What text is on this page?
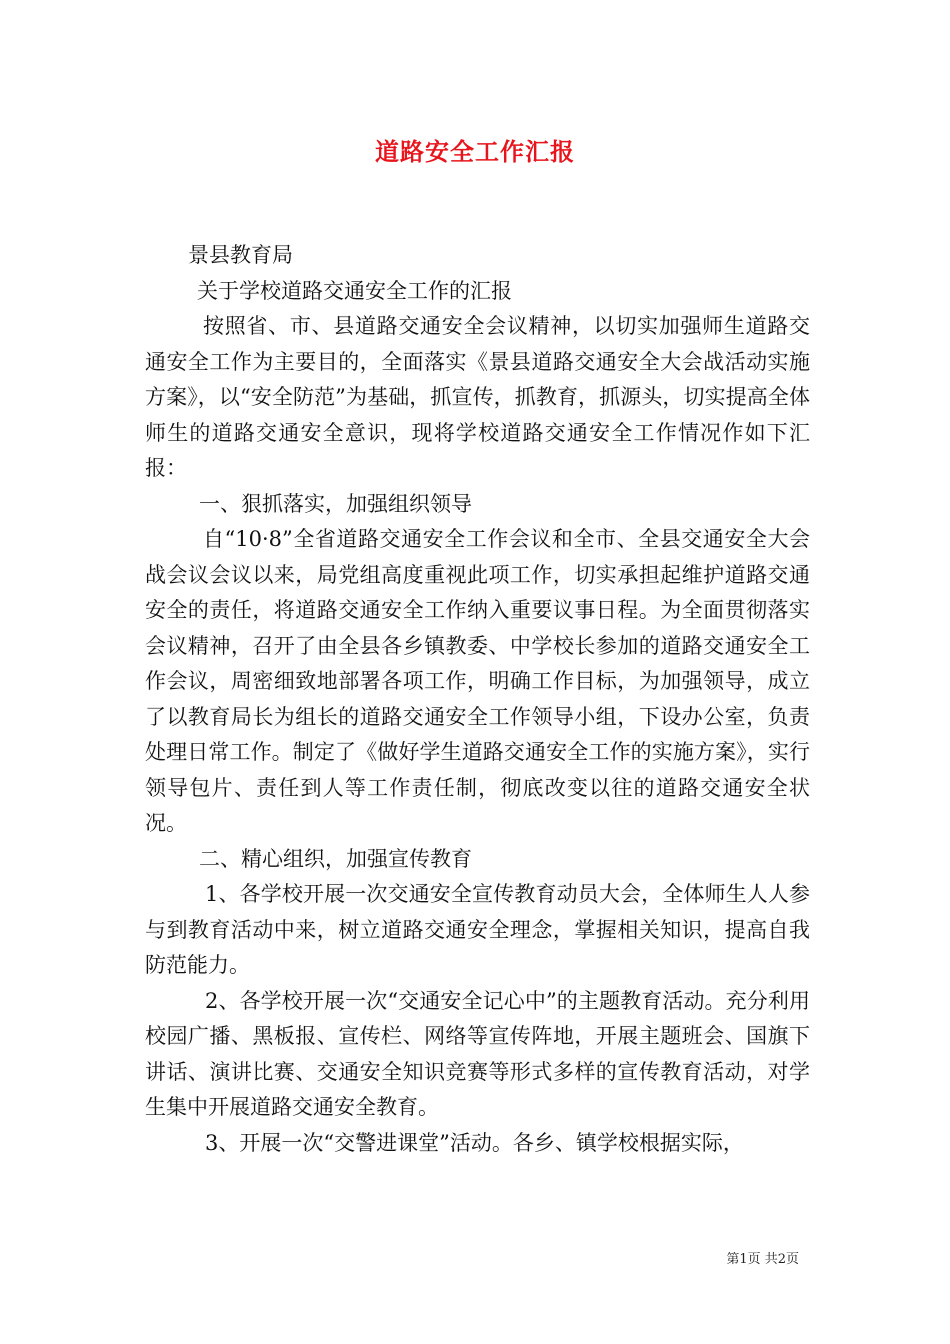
道路安全工作汇报

景县教育局

关于学校道路交通安全工作的汇报

按照省、市、县道路交通安全会议精神，以切实加强师生道路交通安全工作为主要目的，全面落实《景县道路交通安全大会战活动实施方案》，以“安全防范”为基础，抓宣传，抓教育，抓源头，切实提高全体师生的道路交通安全意识，现将学校道路交通安全工作情况作如下汇报：

一、狠抓落实，加强组织领导

自“10·8”全省道路交通安全工作会议和全市、全县交通安全大会战会议会议以来，局党组高度重视此项工作，切实承担起维护道路交通安全的责任，将道路交通安全工作纳入重要议事日程。为全面贯彻落实会议精神，召开了由全县各乡镇教委、中学校长参加的道路交通安全工作会议，周密细致地部署各项工作，明确工作目标，为加强领导，成立了以教育局长为组长的道路交通安全工作领导小组，下设办公室，负责处理日常工作。制定了《做好学生道路交通安全工作的实施方案》，实行领导包片、责任到人等工作责任制，彻底改变以往的道路交通安全状况。

二、精心组织，加强宣传教育

1、各学校开展一次交通安全宣传教育动员大会，全体师生人人参与到教育活动中来，树立道路交通安全理念，掌握相关知识，提高自我防范能力。

2、各学校开展一次“交通安全记心中”的主题教育活动。充分利用校园广播、黑板报、宣传栏、网络等宣传阵地，开展主题班会、国旗下讲话、演讲比赛、交通安全知识竞赛等形式多样的宣传教育活动，对学生集中开展道路交通安全教育。

3、开展一次“交警进课堂”活动。各乡、镇学校根据实际，

第1页 共2页
